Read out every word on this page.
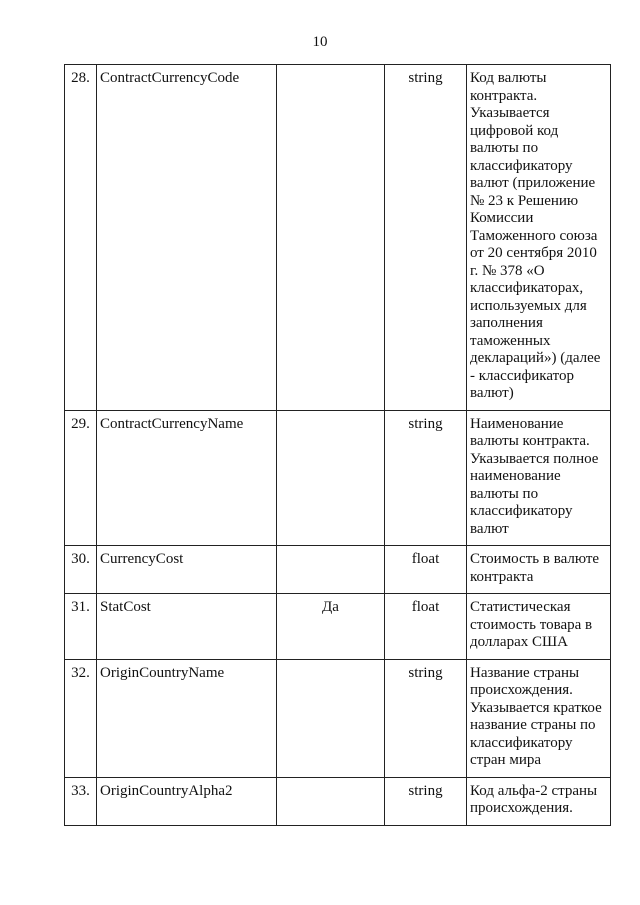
10
28.	ContractCurrencyCode		string	Код валюты контракта. Указывается цифровой код валюты по классификатору валют (приложение № 23 к Решению Комиссии Таможенного союза от 20 сентября 2010 г. № 378 «О классификаторах, используемых для заполнения таможенных деклараций») (далее - классификатор валют)
29.	ContractCurrencyName		string	Наименование валюты контракта. Указывается полное наименование валюты по классификатору валют
30.	CurrencyCost		float	Стоимость в валюте контракта
31.	StatCost	Да	float	Статистическая стоимость товара в долларах США
32.	OriginCountryName		string	Название страны происхождения. Указывается краткое название страны по классификатору стран мира
33.	OriginCountryAlpha2		string	Код альфа-2 страны происхождения.
